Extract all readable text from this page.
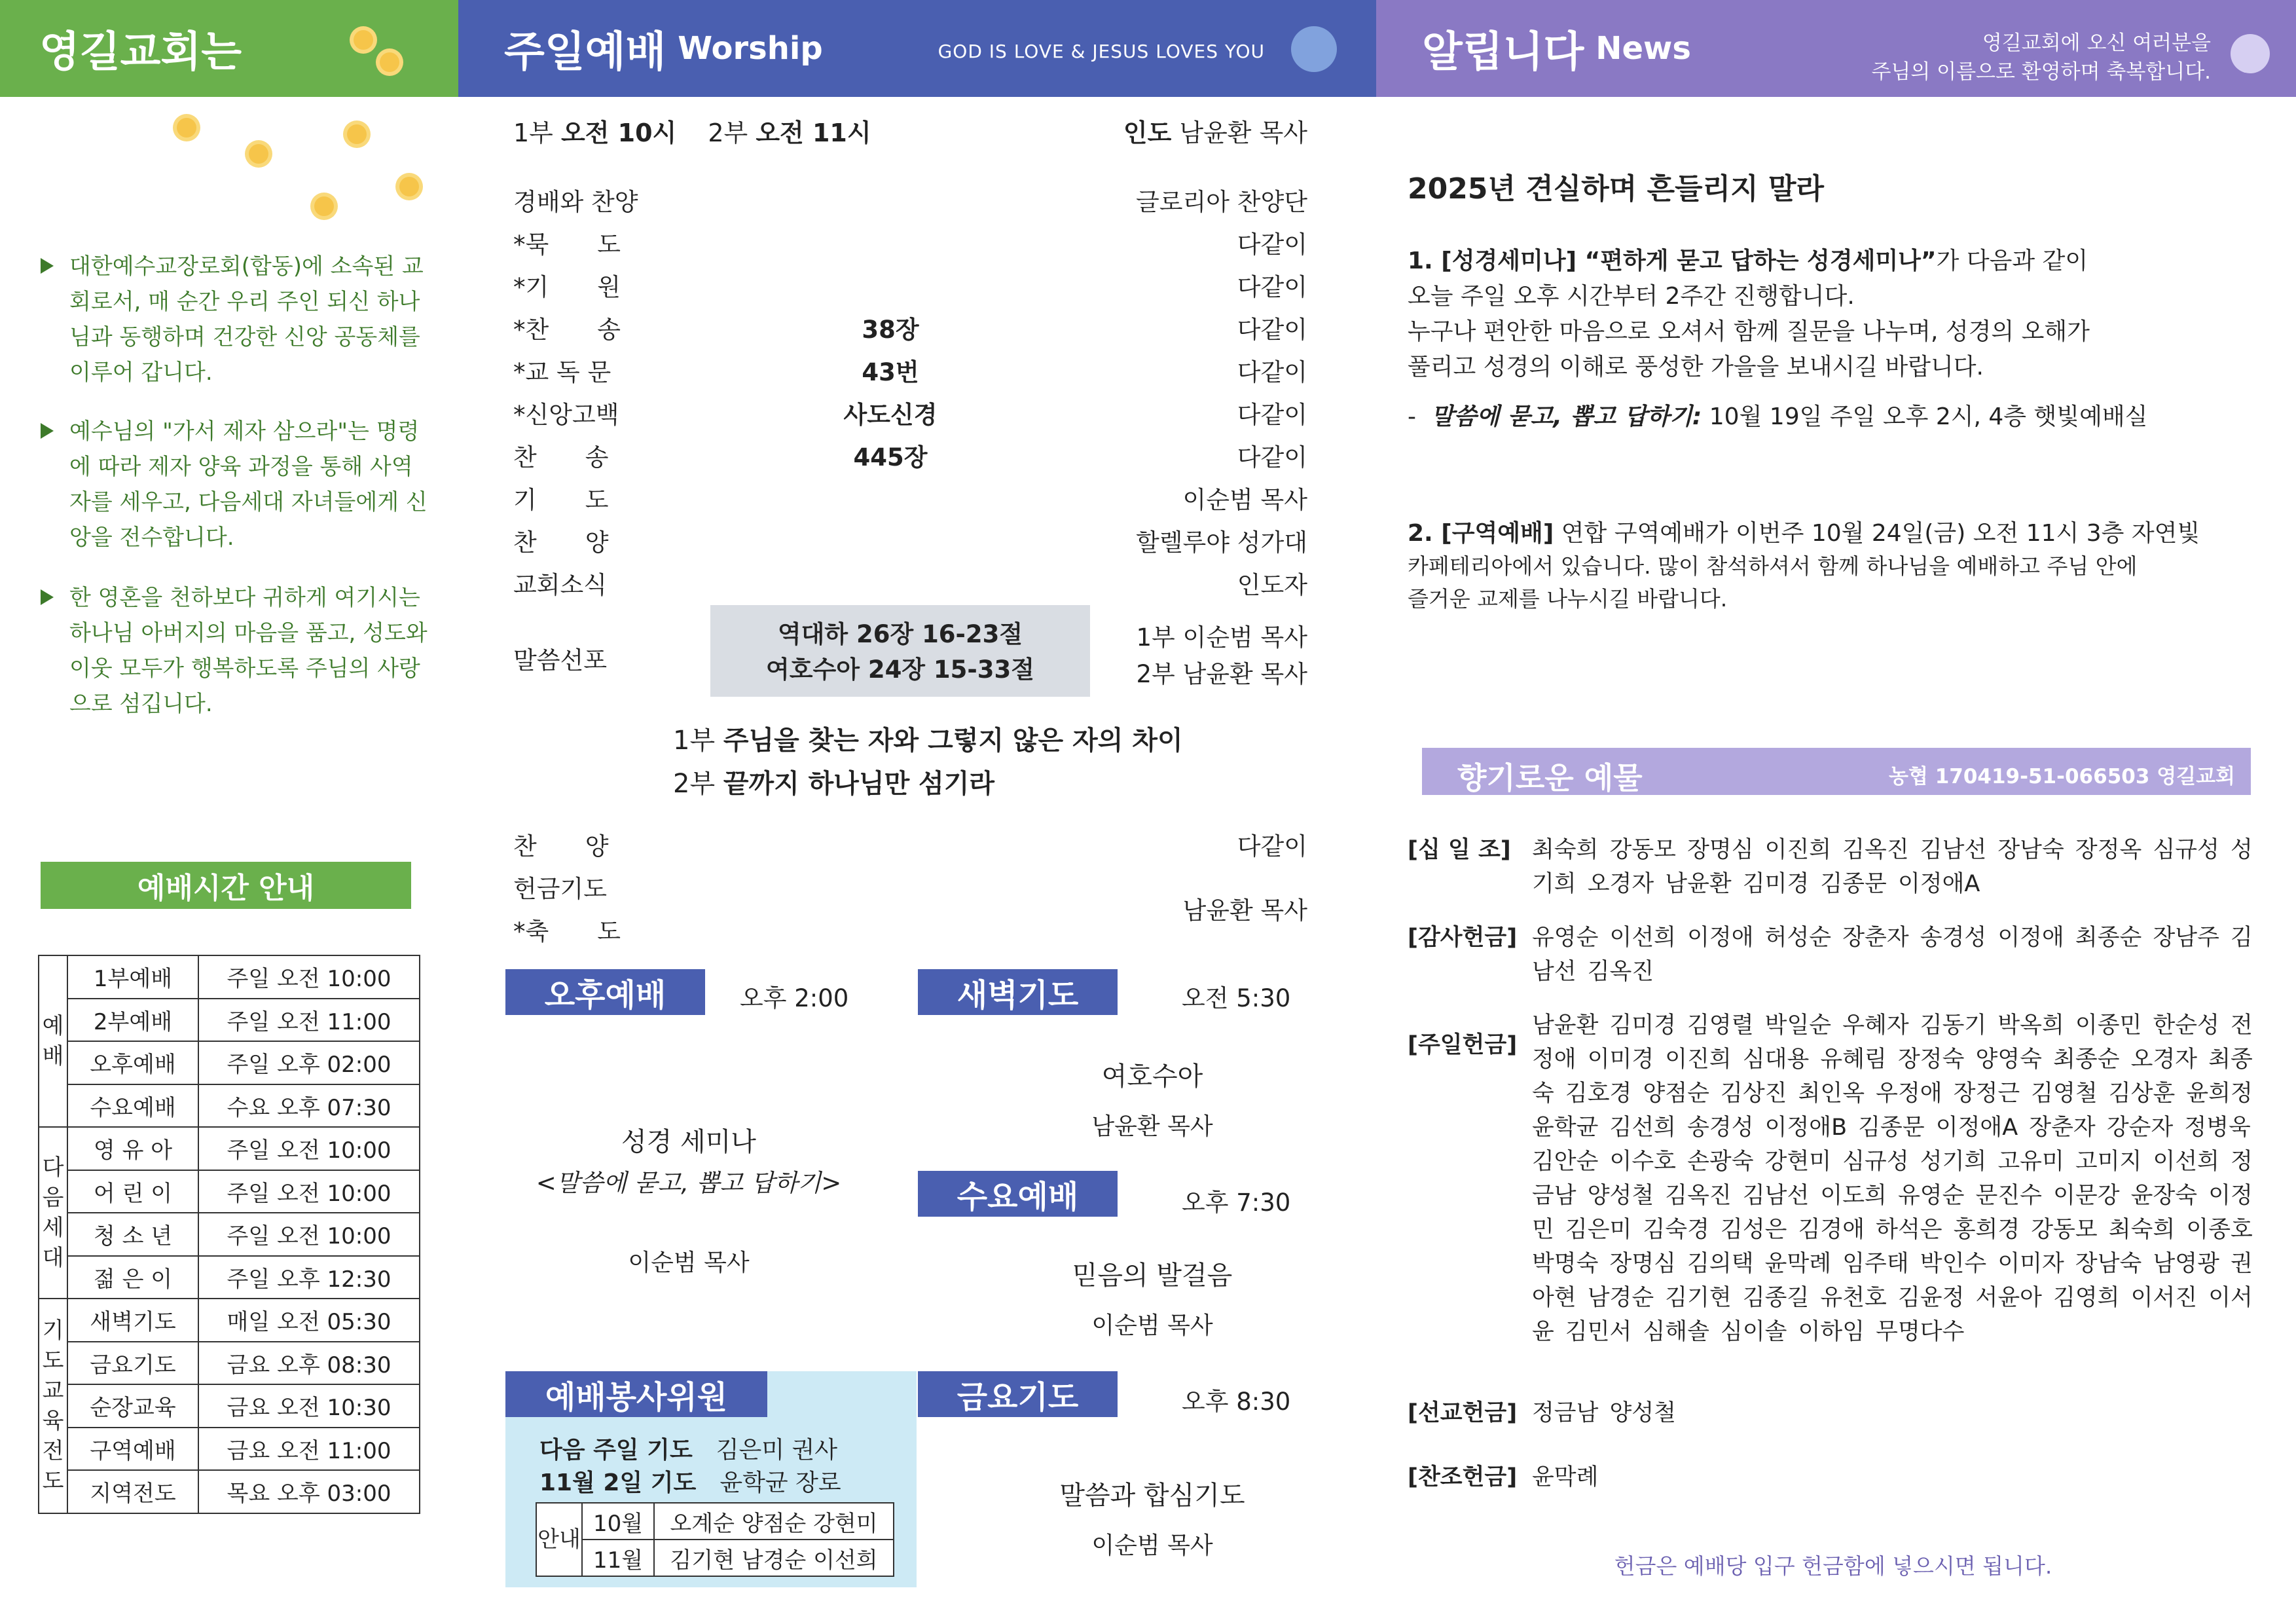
영길교회는	주일예배 Worship	GOD IS LOVE & JESUS LOVES YOU	알립니다 News	영길교회에 오신 여러분을
주님의 이름으로 환영하며 축복합니다.
대한예수교장로회(합동)에 소속된 교회로서, 매 순간 우리 주인 되신 하나님과 동행하며 건강한 신앙 공동체를 이루어 갑니다.
예수님의 "가서 제자 삼으라"는 명령에 따라 제자 양육 과정을 통해 사역자를 세우고, 다음세대 자녀들에게 신앙을 전수합니다.
한 영혼을 천하보다 귀하게 여기시는 하나님 아버지의 마음을 품고, 성도와 이웃 모두가 행복하도록 주님의 사랑으로 섬깁니다.
예배시간 안내
예배	1부예배	주일 오전 10:00
	2부예배	주일 오전 11:00
	오후예배	주일 오후 02:00
	수요예배	수요 오후 07:30
다음세대	영 유 아	주일 오전 10:00
	어 린 이	주일 오전 10:00
	청 소 년	주일 오전 10:00
	젊 은 이	주일 오후 12:30
기도교육전도	새벽기도	매일 오전 05:30
	금요기도	금요 오후 08:30
	순장교육	금요 오전 10:30
	구역예배	금요 오전 11:00
	지역전도	목요 오후 03:00
1부 오전 10시 2부 오전 11시	인도 남윤환 목사
경배와 찬양	글로리아 찬양단
*묵　　도	다같이
*기　　원	다같이
*찬　　송	38장	다같이
*교 독 문	43번	다같이
*신앙고백	사도신경	다같이
찬　　송	445장	다같이
기　　도	이순범 목사
찬　　양	할렐루야 성가대
교회소식	인도자
말씀선포
역대하 26장 16-23절
여호수아 24장 15-33절
1부 이순범 목사
2부 남윤환 목사
1부 주님을 찾는 자와 그렇지 않은 자의 차이
2부 끝까지 하나님만 섬기라
찬　　양	다같이
헌금기도
*축　　도
남윤환 목사
오후예배	오후 2:00
성경 세미나
<말씀에 묻고, 뽑고 답하기>
이순범 목사
새벽기도	오전 5:30
여호수아
남윤환 목사
수요예배	오후 7:30
믿음의 발걸음
이순범 목사
금요기도	오후 8:30
말씀과 합심기도
이순범 목사
예배봉사위원
다음 주일 기도　 김은미 권사
11월 2일 기도　 윤학균 장로
안내	10월	오계순 양점순 강현미
	11월	김기현 남경순 이선희
2025년 견실하며 흔들리지 말라
1. [성경세미나] “편하게 묻고 답하는 성경세미나”가 다음과 같이
오늘 주일 오후 시간부터 2주간 진행합니다.
누구나 편안한 마음으로 오셔서 함께 질문을 나누며, 성경의 오해가
풀리고 성경의 이해로 풍성한 가을을 보내시길 바랍니다.
-  말씀에 묻고, 뽑고 답하기: 10월 19일 주일 오후 2시, 4층 햇빛예배실
2. [구역예배] 연합 구역예배가 이번주 10월 24일(금) 오전 11시 3층 자연빛
카페테리아에서 있습니다. 많이 참석하셔서 함께 하나님을 예배하고 주님 안에
즐거운 교제를 나누시길 바랍니다.
향기로운 예물	농협 170419-51-066503 영길교회
[십 일 조] 최숙희 강동모 장명심 이진희 김옥진 김남선 장남숙 장정옥 심규성 성기희 오경자 남윤환 김미경 김종문 이정애A
[감사헌금] 유영순 이선희 이정애 허성순 장춘자 송경성 이정애 최종순 장남주 김남선 김옥진
[주일헌금]
남윤환 김미경 김영렬 박일순 우혜자 김동기 박옥희 이종민 한순성 전정애 이미경 이진희 심대용 유혜림 장정숙 양영숙 최종순 오경자 최종숙 김호경 양점순 김상진 최인옥 우정애 장정근 김영철 김상훈 윤희정 윤학균 김선희 송경성 이정애B 김종문 이정애A 장춘자 강순자 정병욱 김안순 이수호 손광숙 강현미 심규성 성기희 고유미 고미지 이선희 정금남 양성철 김옥진 김남선 이도희 유영순 문진수 이문강 윤장숙 이정민 김은미 김숙경 김성은 김경애 하석은 홍희경 강동모 최숙희 이종호 박명숙 장명심 김의택 윤막례 임주태 박인수 이미자 장남숙 남영광 권아현 남경순 김기현 김종길 유천호 김윤정 서윤아 김영희 이서진 이서윤 김민서 심해솔 심이솔 이하임 무명다수
[선교헌금] 정금남 양성철
[찬조헌금] 윤막례
헌금은 예배당 입구 헌금함에 넣으시면 됩니다.
